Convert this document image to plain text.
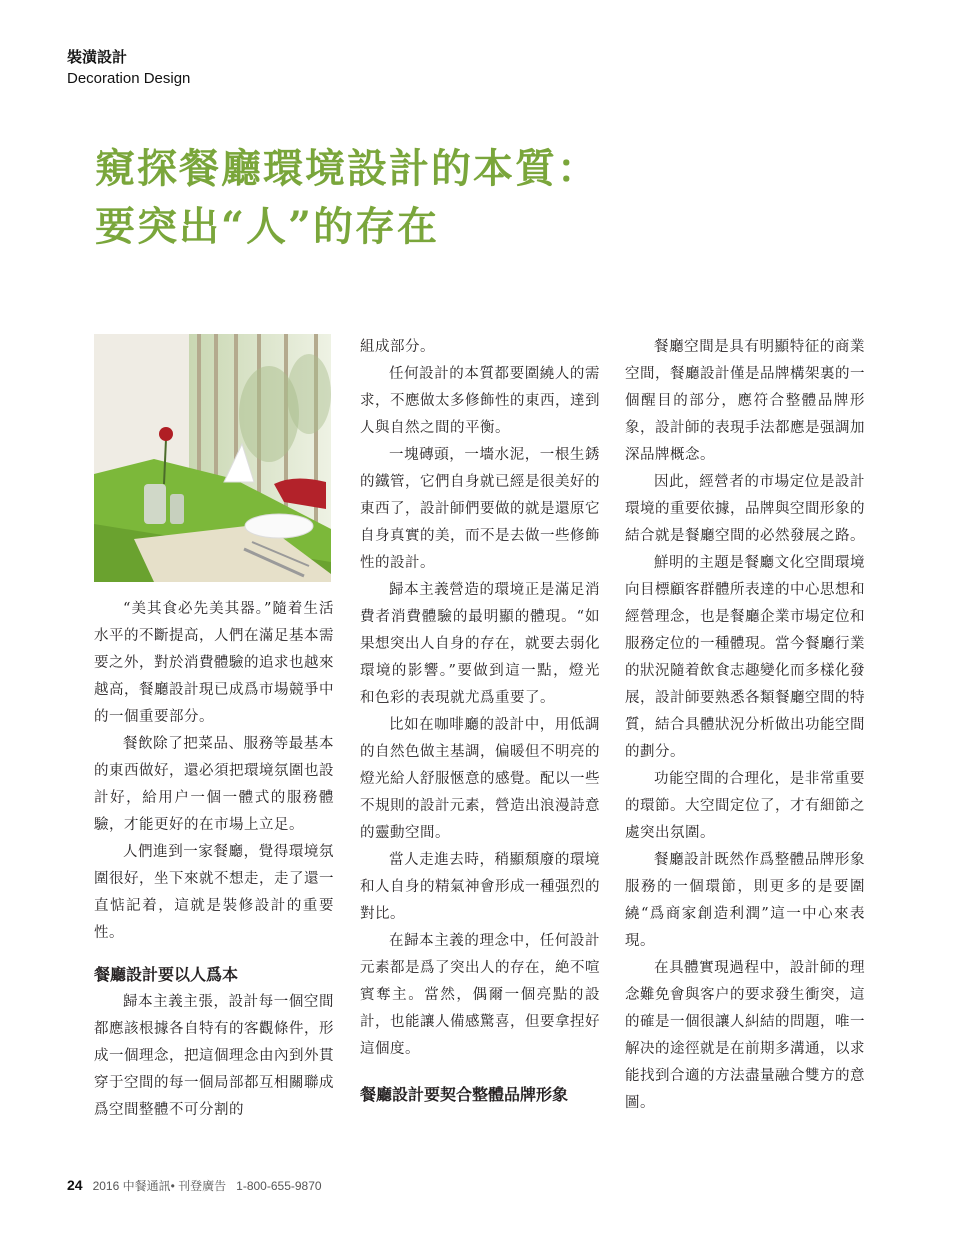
裝潢設計
Decoration Design
窺探餐廳環境設計的本質：
要突出“人”的存在

“美其食必先美其器。”隨着生活水平的不斷提高，人們在滿足基本需要之外，對於消費體驗的追求也越來越高，餐廳設計現已成爲市場競爭中的一個重要部分。

餐飲除了把菜品、服務等最基本的東西做好，還必須把環境氛圍也設計好，給用户一個一體式的服務體驗，才能更好的在市場上立足。

人們進到一家餐廳，覺得環境氛圍很好，坐下來就不想走，走了還一直惦記着，這就是裝修設計的重要性。

餐廳設計要以人爲本

歸本主義主張，設計每一個空間都應該根據各自特有的客觀條件，形成一個理念，把這個理念由內到外貫穿于空間的每一個局部都互相關聯成爲空間整體不可分割的

組成部分。

任何設計的本質都要圍繞人的需求，不應做太多修飾性的東西，達到人與自然之間的平衡。

一塊磚頭，一墻水泥，一根生銹的鐵管，它們自身就已經是很美好的東西了，設計師們要做的就是還原它自身真實的美，而不是去做一些修飾性的設計。

歸本主義營造的環境正是滿足消費者消費體驗的最明顯的體現。“如果想突出人自身的存在，就要去弱化環境的影響。”要做到這一點，燈光和色彩的表現就尤爲重要了。

比如在咖啡廳的設計中，用低調的自然色做主基調，偏暖但不明亮的燈光給人舒服愜意的感覺。配以一些不規則的設計元素，營造出浪漫詩意的靈動空間。

當人走進去時，稍顯頹廢的環境和人自身的精氣神會形成一種强烈的對比。

在歸本主義的理念中，任何設計元素都是爲了突出人的存在，絶不喧賓奪主。當然，偶爾一個亮點的設計，也能讓人備感驚喜，但要拿捏好這個度。

餐廳設計要契合整體品牌形象

餐廳空間是具有明顯特征的商業空間，餐廳設計僅是品牌構架裏的一個醒目的部分，應符合整體品牌形象，設計師的表現手法都應是强調加深品牌概念。

因此，經營者的市場定位是設計環境的重要依據，品牌與空間形象的結合就是餐廳空間的必然發展之路。

鮮明的主題是餐廳文化空間環境向目標顧客群體所表達的中心思想和經營理念，也是餐廳企業市場定位和服務定位的一種體現。當今餐廳行業的狀況隨着飲食志趣變化而多樣化發展，設計師要熟悉各類餐廳空間的特質，結合具體狀況分析做出功能空間的劃分。

功能空間的合理化，是非常重要的環節。大空間定位了，才有細節之處突出氛圍。

餐廳設計既然作爲整體品牌形象服務的一個環節，則更多的是要圍繞“爲商家創造利潤”這一中心來表現。

在具體實現過程中，設計師的理念難免會與客户的要求發生衝突，這的確是一個很讓人糾結的問題，唯一解决的途徑就是在前期多溝通，以求能找到合適的方法盡量融合雙方的意圖。

24 2016 中餐通訊• 刊登廣告 1-800-655-9870
